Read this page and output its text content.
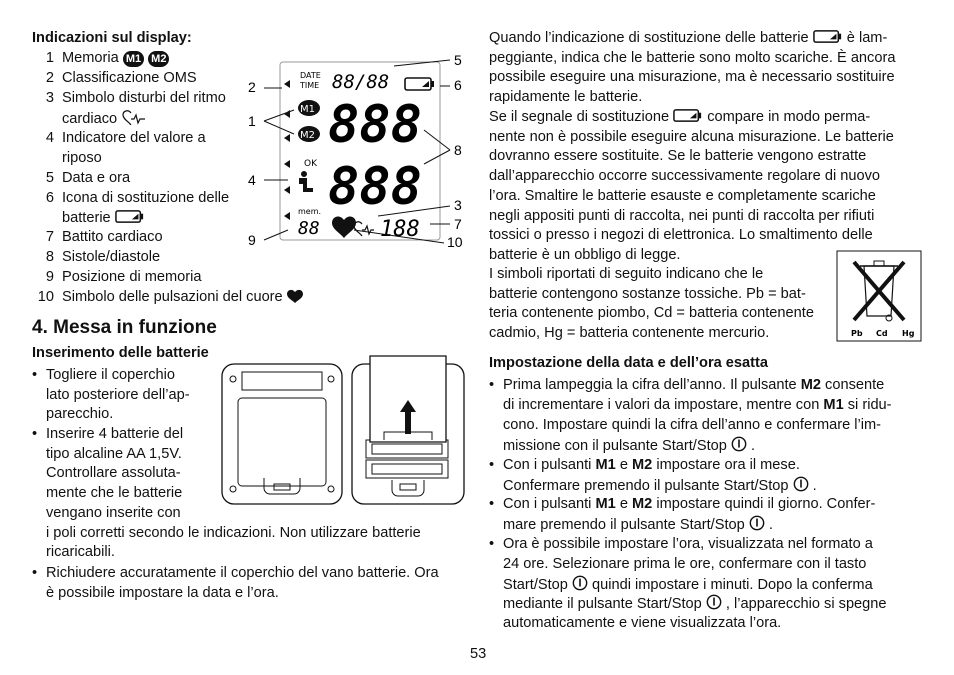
Indicazioni sul display:
1 Memoria M1 M2
2 Classificazione OMS
3 Simbolo disturbi del ritmo
cardiaco
4 Indicatore del valore a
riposo
5 Data e ora
6 Icona di sostituzione delle
batterie
7 Battito cardiaco
8 Sistole/diastole
9 Posizione di memoria
10 Simbolo delle pulsazioni del cuore
5
6
2
1
8
4
3
7
9	10
DATE
TIME 88/88
M1
M2 888
888
OK
mem.
88	188
4. Messa in funzione
Inserimento delle batterie
• Togliere il coperchio
lato posteriore dell’ap-
parecchio.
• Inserire 4 batterie del
tipo alcaline AA 1,5V.
Controllare assoluta-
mente che le batterie
vengano inserite con
i poli corretti secondo le indicazioni. Non utilizzare batterie
ricaricabili.
• Richiudere accuratamente il coperchio del vano batterie. Ora
è possibile impostare la data e l’ora.
Quando l’indicazione di sostituzione delle batterie	è lam-
peggiante, indica che le batterie sono molto scariche. È ancora
possibile eseguire una misurazione, ma è necessario sostituire
rapidamente le batterie.
Se il segnale di sostituzione	compare in modo perma-
nente non è possibile eseguire alcuna misurazione. Le batterie
dovranno essere sostituite. Se le batterie vengono estratte
dall’apparecchio occorre successivamente regolare di nuovo
l’ora. Smaltire le batterie esauste e completamente scariche
negli appositi punti di raccolta, nei punti di raccolta per rifiuti
tossici o presso i negozi di elettronica. Lo smaltimento delle
batterie è un obbligo di legge.
I simboli riportati di seguito indicano che le
batterie contengono sostanze tossiche. Pb = bat-
teria contenente piombo, Cd = batteria contenente
cadmio, Hg = batteria contenente mercurio.
Impostazione della data e dell’ora esatta
• Prima lampeggia la cifra dell’anno. Il pulsante M2 consente
di incrementare i valori da impostare, mentre con M1 si ridu-
cono. Impostare quindi la cifra dell’anno e confermare l’im-
missione con il pulsante Start/Stop .
• Con i pulsanti M1 e M2 impostare ora il mese.
Confermare premendo il pulsante Start/Stop .
• Con i pulsanti M1 e M2 impostare quindi il giorno. Confer-
mare premendo il pulsante Start/Stop .
• Ora è possibile impostare l’ora, visualizzata nel formato a
24 ore. Selezionare prima le ore, confermare con il tasto
Start/Stop  quindi impostare i minuti. Dopo la conferma
mediante il pulsante Start/Stop , l’apparecchio si spegne
automaticamente e viene visualizzata l’ora.
Pb Cd Hg
53
